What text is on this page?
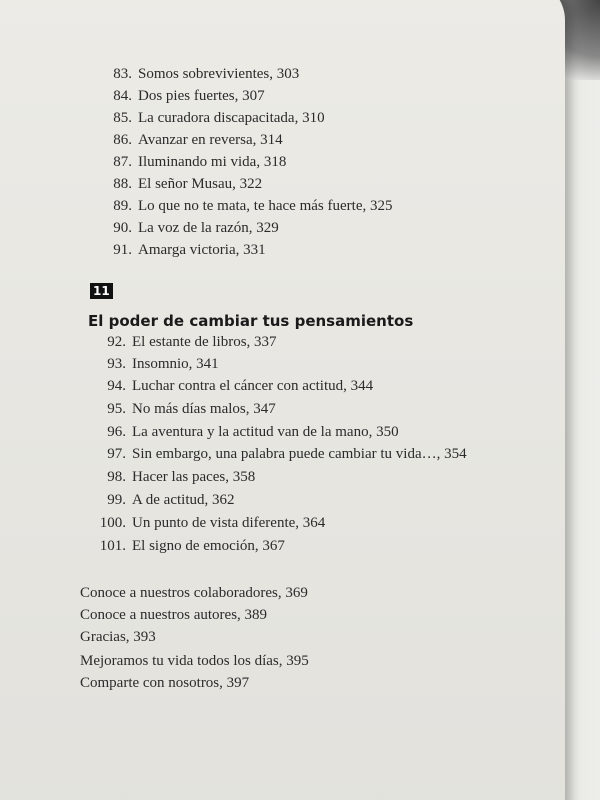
83. Somos sobrevivientes, 303
84. Dos pies fuertes, 307
85. La curadora discapacitada, 310
86. Avanzar en reversa, 314
87. Iluminando mi vida, 318
88. El señor Musau, 322
89. Lo que no te mata, te hace más fuerte, 325
90. La voz de la razón, 329
91. Amarga victoria, 331
11
El poder de cambiar tus pensamientos
92. El estante de libros, 337
93. Insomnio, 341
94. Luchar contra el cáncer con actitud, 344
95. No más días malos, 347
96. La aventura y la actitud van de la mano, 350
97. Sin embargo, una palabra puede cambiar tu vida…, 354
98. Hacer las paces, 358
99. A de actitud, 362
100. Un punto de vista diferente, 364
101. El signo de emoción, 367
Conoce a nuestros colaboradores, 369
Conoce a nuestros autores, 389
Gracias, 393
Mejoramos tu vida todos los días, 395
Comparte con nosotros, 397
